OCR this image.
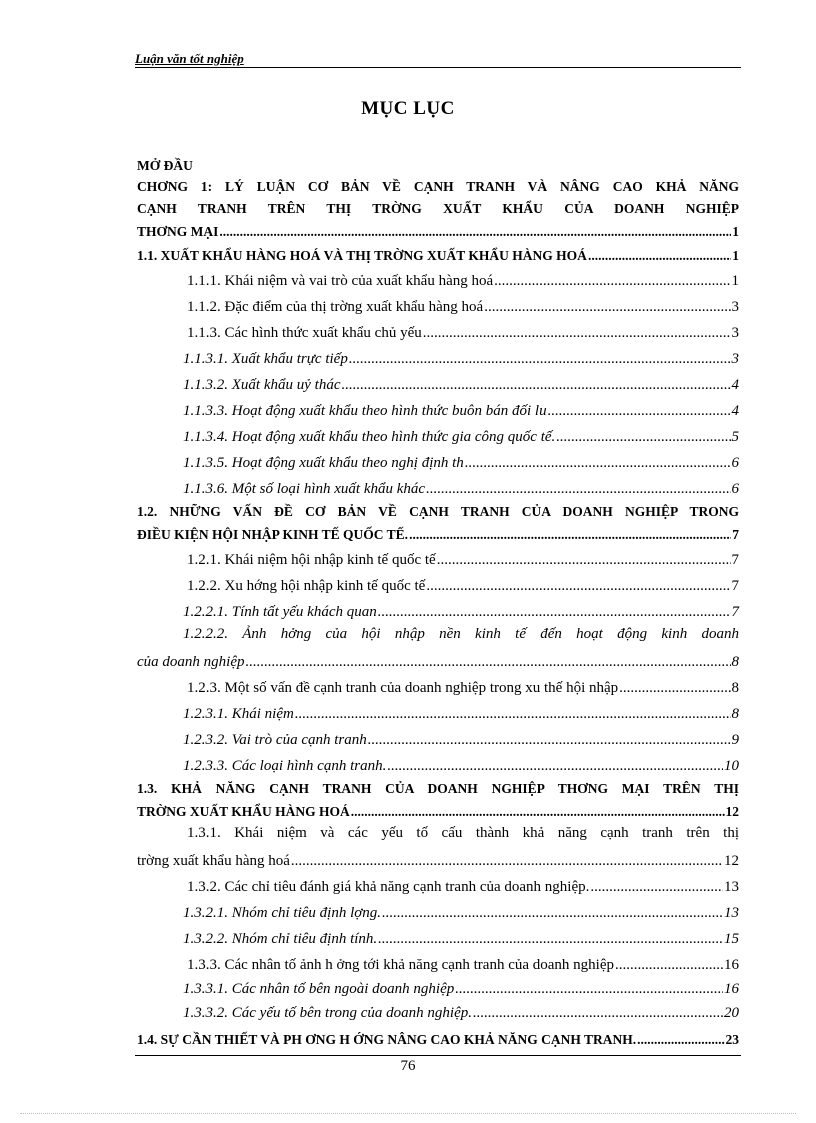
Luận văn tốt nghiệp
MỤC LỤC
MỞ ĐẦU
CHƠNG 1: LÝ LUẬN CƠ BẢN VỀ CẠNH TRANH VÀ NÂNG CAO KHẢ NĂNG
CẠNH TRANH TRÊN THỊ TRỜNG XUẤT KHẨU CỦA DOANH NGHIỆP
THƠNG MẠI .....	1
1.1. XUẤT KHẨU HÀNG HOÁ VÀ THỊ TRỜNG XUẤT KHẨU HÀNG HOÁ .....	1
1.1.1. Khái niệm và vai trò của xuất khẩu hàng hoá .....	1
1.1.2. Đặc điểm của thị trờng xuất khẩu hàng hoá .....	3
1.1.3. Các hình thức xuất khẩu chủ yếu .....	3
1.1.3.1. Xuất khẩu trực tiếp .....	3
1.1.3.2. Xuất khẩu uỷ thác .....	4
1.1.3.3. Hoạt động xuất khẩu theo hình thức buôn bán đối lu .....	4
1.1.3.4. Hoạt động xuất khẩu theo hình thức gia công quốc tế. .....	5
1.1.3.5. Hoạt động xuất khẩu theo nghị định th .....	6
1.1.3.6. Một số loại hình xuất khẩu khác .....	6
1.2. NHỮNG VẤN ĐỀ CƠ BẢN VỀ CẠNH TRANH CỦA DOANH NGHIỆP TRONG
ĐIỀU KIỆN HỘI NHẬP KINH TẾ QUỐC TẾ. .....	7
1.2.1. Khái niệm hội nhập kinh tế quốc tế .....	7
1.2.2. Xu hớng hội nhập kinh tế quốc tế .....	7
1.2.2.1. Tính tất yếu khách quan .....	7
1.2.2.2. Ảnh hởng của hội nhập nền kinh tế đến hoạt động kinh doanh
của doanh nghiệp .....	8
1.2.3. Một số vấn đề cạnh tranh của doanh nghiệp trong xu thế hội nhập .....	8
1.2.3.1. Khái niệm .....	8
1.2.3.2. Vai trò của cạnh tranh .....	9
1.2.3.3. Các loại hình cạnh tranh. .....	10
1.3. KHẢ NĂNG CẠNH TRANH CỦA DOANH NGHIỆP THƠNG MẠI TRÊN THỊ
TRỜNG XUẤT KHẨU HÀNG HOÁ .....	12
1.3.1. Khái niệm và các yếu tố cấu thành khả năng cạnh tranh trên thị
trờng xuất khẩu hàng hoá .....	12
1.3.2. Các chỉ tiêu đánh giá khả năng cạnh tranh của doanh nghiệp. .....	13
1.3.2.1. Nhóm chỉ tiêu định lợng. .....	13
1.3.2.2. Nhóm chỉ tiêu định tính. .....	15
1.3.3. Các nhân tố ảnh h ởng tới khả năng cạnh tranh của doanh nghiệp .....	16
1.3.3.1. Các nhân tố bên ngoài doanh nghiệp .....	16
1.3.3.2. Các yếu tố bên trong của doanh nghiệp. .....	20
1.4. SỰ CẦN THIẾT VÀ PH ƠNG H ỚNG NÂNG CAO KHẢ NĂNG CẠNH TRANH. .....	23
76
